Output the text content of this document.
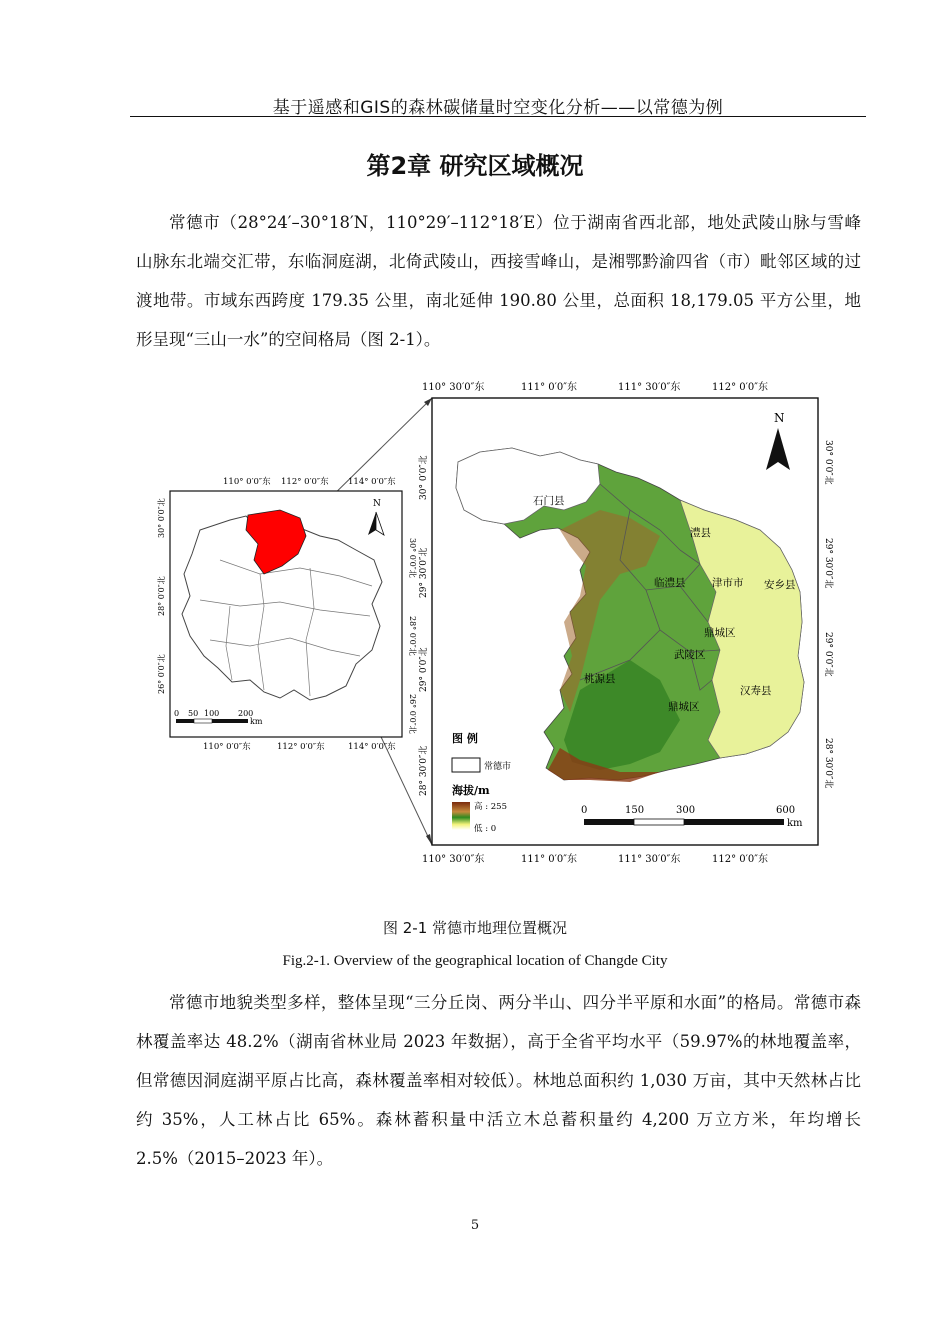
基于遥感和GIS的森林碳储量时空变化分析——以常德为例
第2章 研究区域概况

常德市（28°24′–30°18′N，110°29′–112°18′E）位于湖南省西北部，地处武陵山脉与雪峰山脉东北端交汇带，东临洞庭湖，北倚武陵山，西接雪峰山，是湘鄂黔渝四省（市）毗邻区域的过渡地带。市域东西跨度 179.35 公里，南北延伸 190.80 公里，总面积 18,179.05 平方公里，地形呈现“三山一水”的空间格局（图 2-1）。

110° 0′0″东 112° 0′0″东 114° 0′0″东
110° 0′0″东	112° 0′0″东	114° 0′0″东
30° 0′0″北
28° 0′0″北
26° 0′0″北
30° 0′0″北
28° 0′0″北
26° 0′0″北
N
0 50 100 200
km
110° 30′0″东	111° 0′0″东	111° 30′0″东	112° 0′0″东
110° 30′0″东	111° 0′0″东	111° 30′0″东	112° 0′0″东
30° 0′0″北
29° 30′0″北
29° 0′0″北
28° 30′0″北
30° 0′0″北
29° 30′0″北
29° 0′0″北
28° 30′0″北
石门县
澧县
临澧县	津市市 安乡县
鼎城区
武陵区
桃源县
汉寿县
鼎城区
N
图 例
常德市
海拔/m
高 : 255
低 : 0
0	150	300	600
km
图 2-1 常德市地理位置概况
Fig.2-1. Overview of the geographical location of Changde City

常德市地貌类型多样，整体呈现“三分丘岗、两分半山、四分半平原和水面”的格局。常德市森林覆盖率达 48.2%（湖南省林业局 2023 年数据），高于全省平均水平（59.97%的林地覆盖率，但常德因洞庭湖平原占比高，森林覆盖率相对较低）。林地总面积约 1,030 万亩，其中天然林占比约 35%，人工林占比 65%。森林蓄积量中活立木总蓄积量约 4,200 万立方米，年均增长 2.5%（2015–2023 年）。

5
